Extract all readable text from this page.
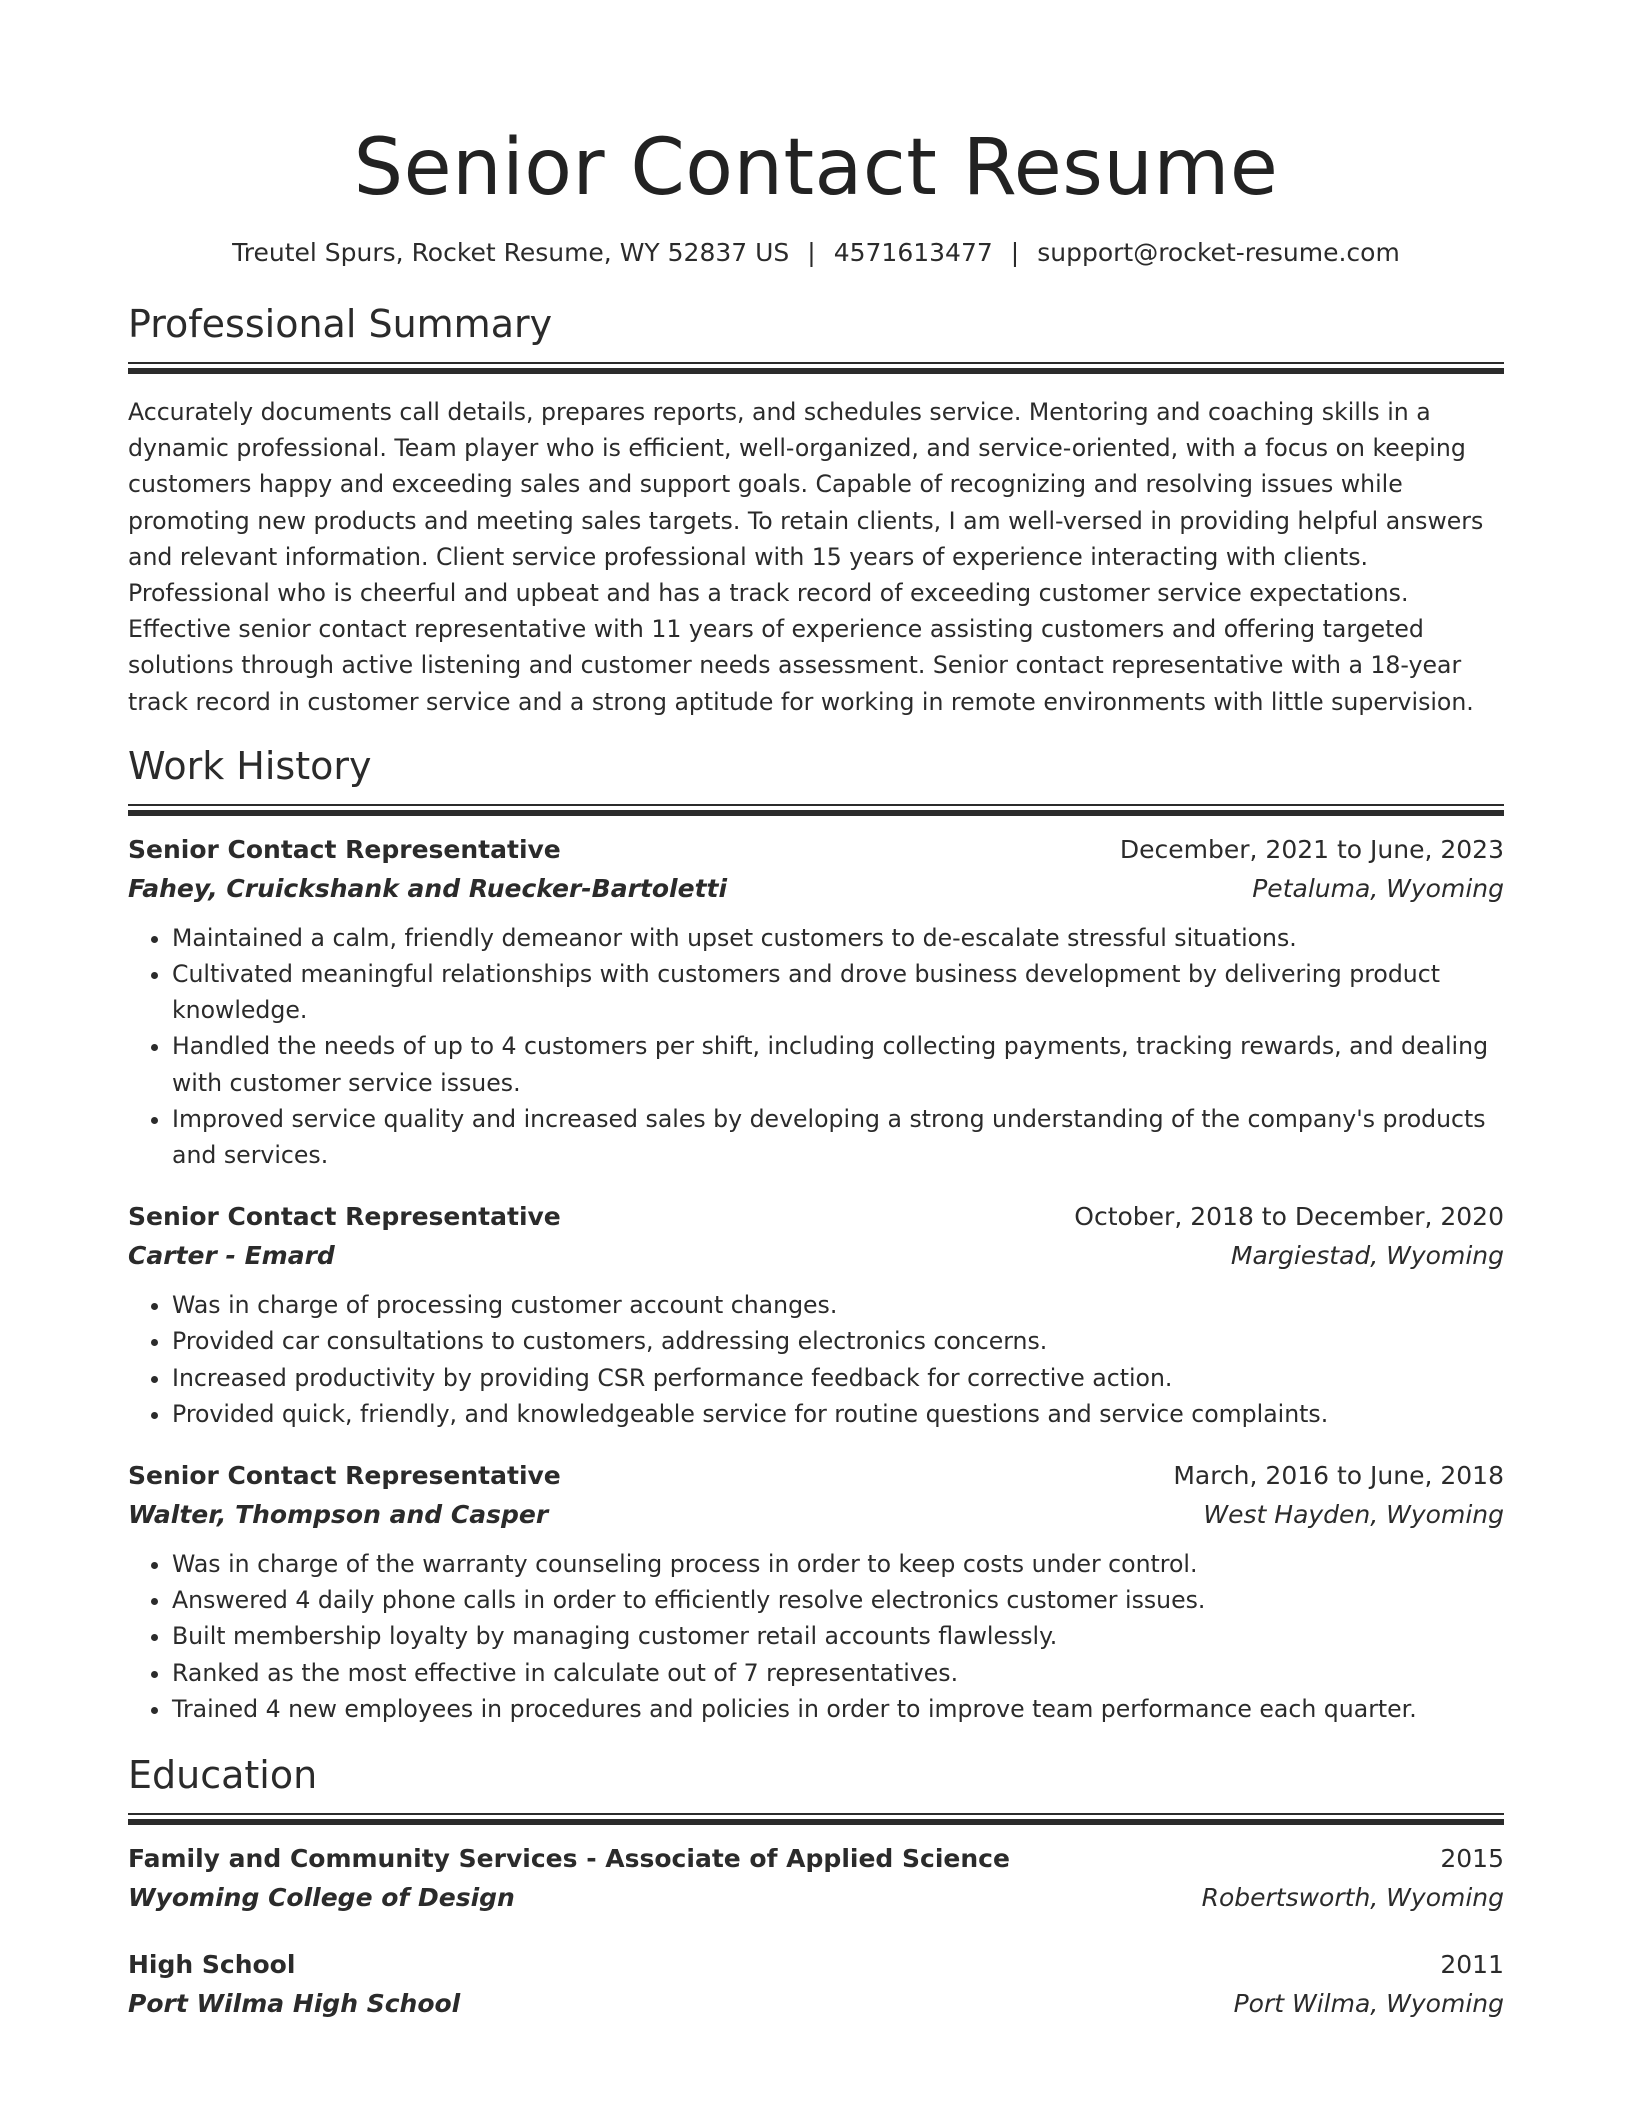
Senior Contact Resume
Treutel Spurs, Rocket Resume, WY 52837 US | 4571613477 | support@rocket-resume.com
Professional Summary

Accurately documents call details, prepares reports, and schedules service. Mentoring and coaching skills in a dynamic professional. Team player who is efficient, well-organized, and service-oriented, with a focus on keeping customers happy and exceeding sales and support goals. Capable of recognizing and resolving issues while promoting new products and meeting sales targets. To retain clients, I am well-versed in providing helpful answers and relevant information. Client service professional with 15 years of experience interacting with clients. Professional who is cheerful and upbeat and has a track record of exceeding customer service expectations. Effective senior contact representative with 11 years of experience assisting customers and offering targeted solutions through active listening and customer needs assessment. Senior contact representative with a 18-year track record in customer service and a strong aptitude for working in remote environments with little supervision.

Work History
Senior Contact Representative	December, 2021 to June, 2023
Fahey, Cruickshank and Ruecker-Bartoletti	Petaluma, Wyoming
• Maintained a calm, friendly demeanor with upset customers to de-escalate stressful situations.
• Cultivated meaningful relationships with customers and drove business development by delivering product knowledge.
• Handled the needs of up to 4 customers per shift, including collecting payments, tracking rewards, and dealing with customer service issues.
• Improved service quality and increased sales by developing a strong understanding of the company's products and services.
Senior Contact Representative	October, 2018 to December, 2020
Carter - Emard	Margiestad, Wyoming
• Was in charge of processing customer account changes.
• Provided car consultations to customers, addressing electronics concerns.
• Increased productivity by providing CSR performance feedback for corrective action.
• Provided quick, friendly, and knowledgeable service for routine questions and service complaints.
Senior Contact Representative	March, 2016 to June, 2018
Walter, Thompson and Casper	West Hayden, Wyoming
• Was in charge of the warranty counseling process in order to keep costs under control.
• Answered 4 daily phone calls in order to efficiently resolve electronics customer issues.
• Built membership loyalty by managing customer retail accounts flawlessly.
• Ranked as the most effective in calculate out of 7 representatives.
• Trained 4 new employees in procedures and policies in order to improve team performance each quarter.
Education
Family and Community Services - Associate of Applied Science	2015
Wyoming College of Design	Robertsworth, Wyoming
High School	2011
Port Wilma High School	Port Wilma, Wyoming
